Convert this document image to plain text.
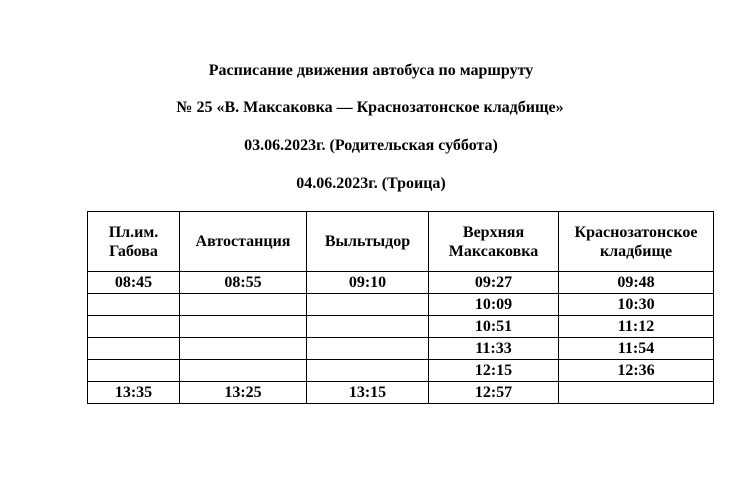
Расписание движения автобуса по маршруту
№ 25 «В. Максаковка — Краснозатонское кладбище»
03.06.2023г. (Родительская суббота)
04.06.2023г. (Троица)
Пл.им. Габова	Автостанция	Выльтыдор	Верхняя Максаковка	Краснозатонское кладбище
08:45	08:55	09:10	09:27	09:48
			10:09	10:30
			10:51	11:12
			11:33	11:54
			12:15	12:36
13:35	13:25	13:15	12:57	
